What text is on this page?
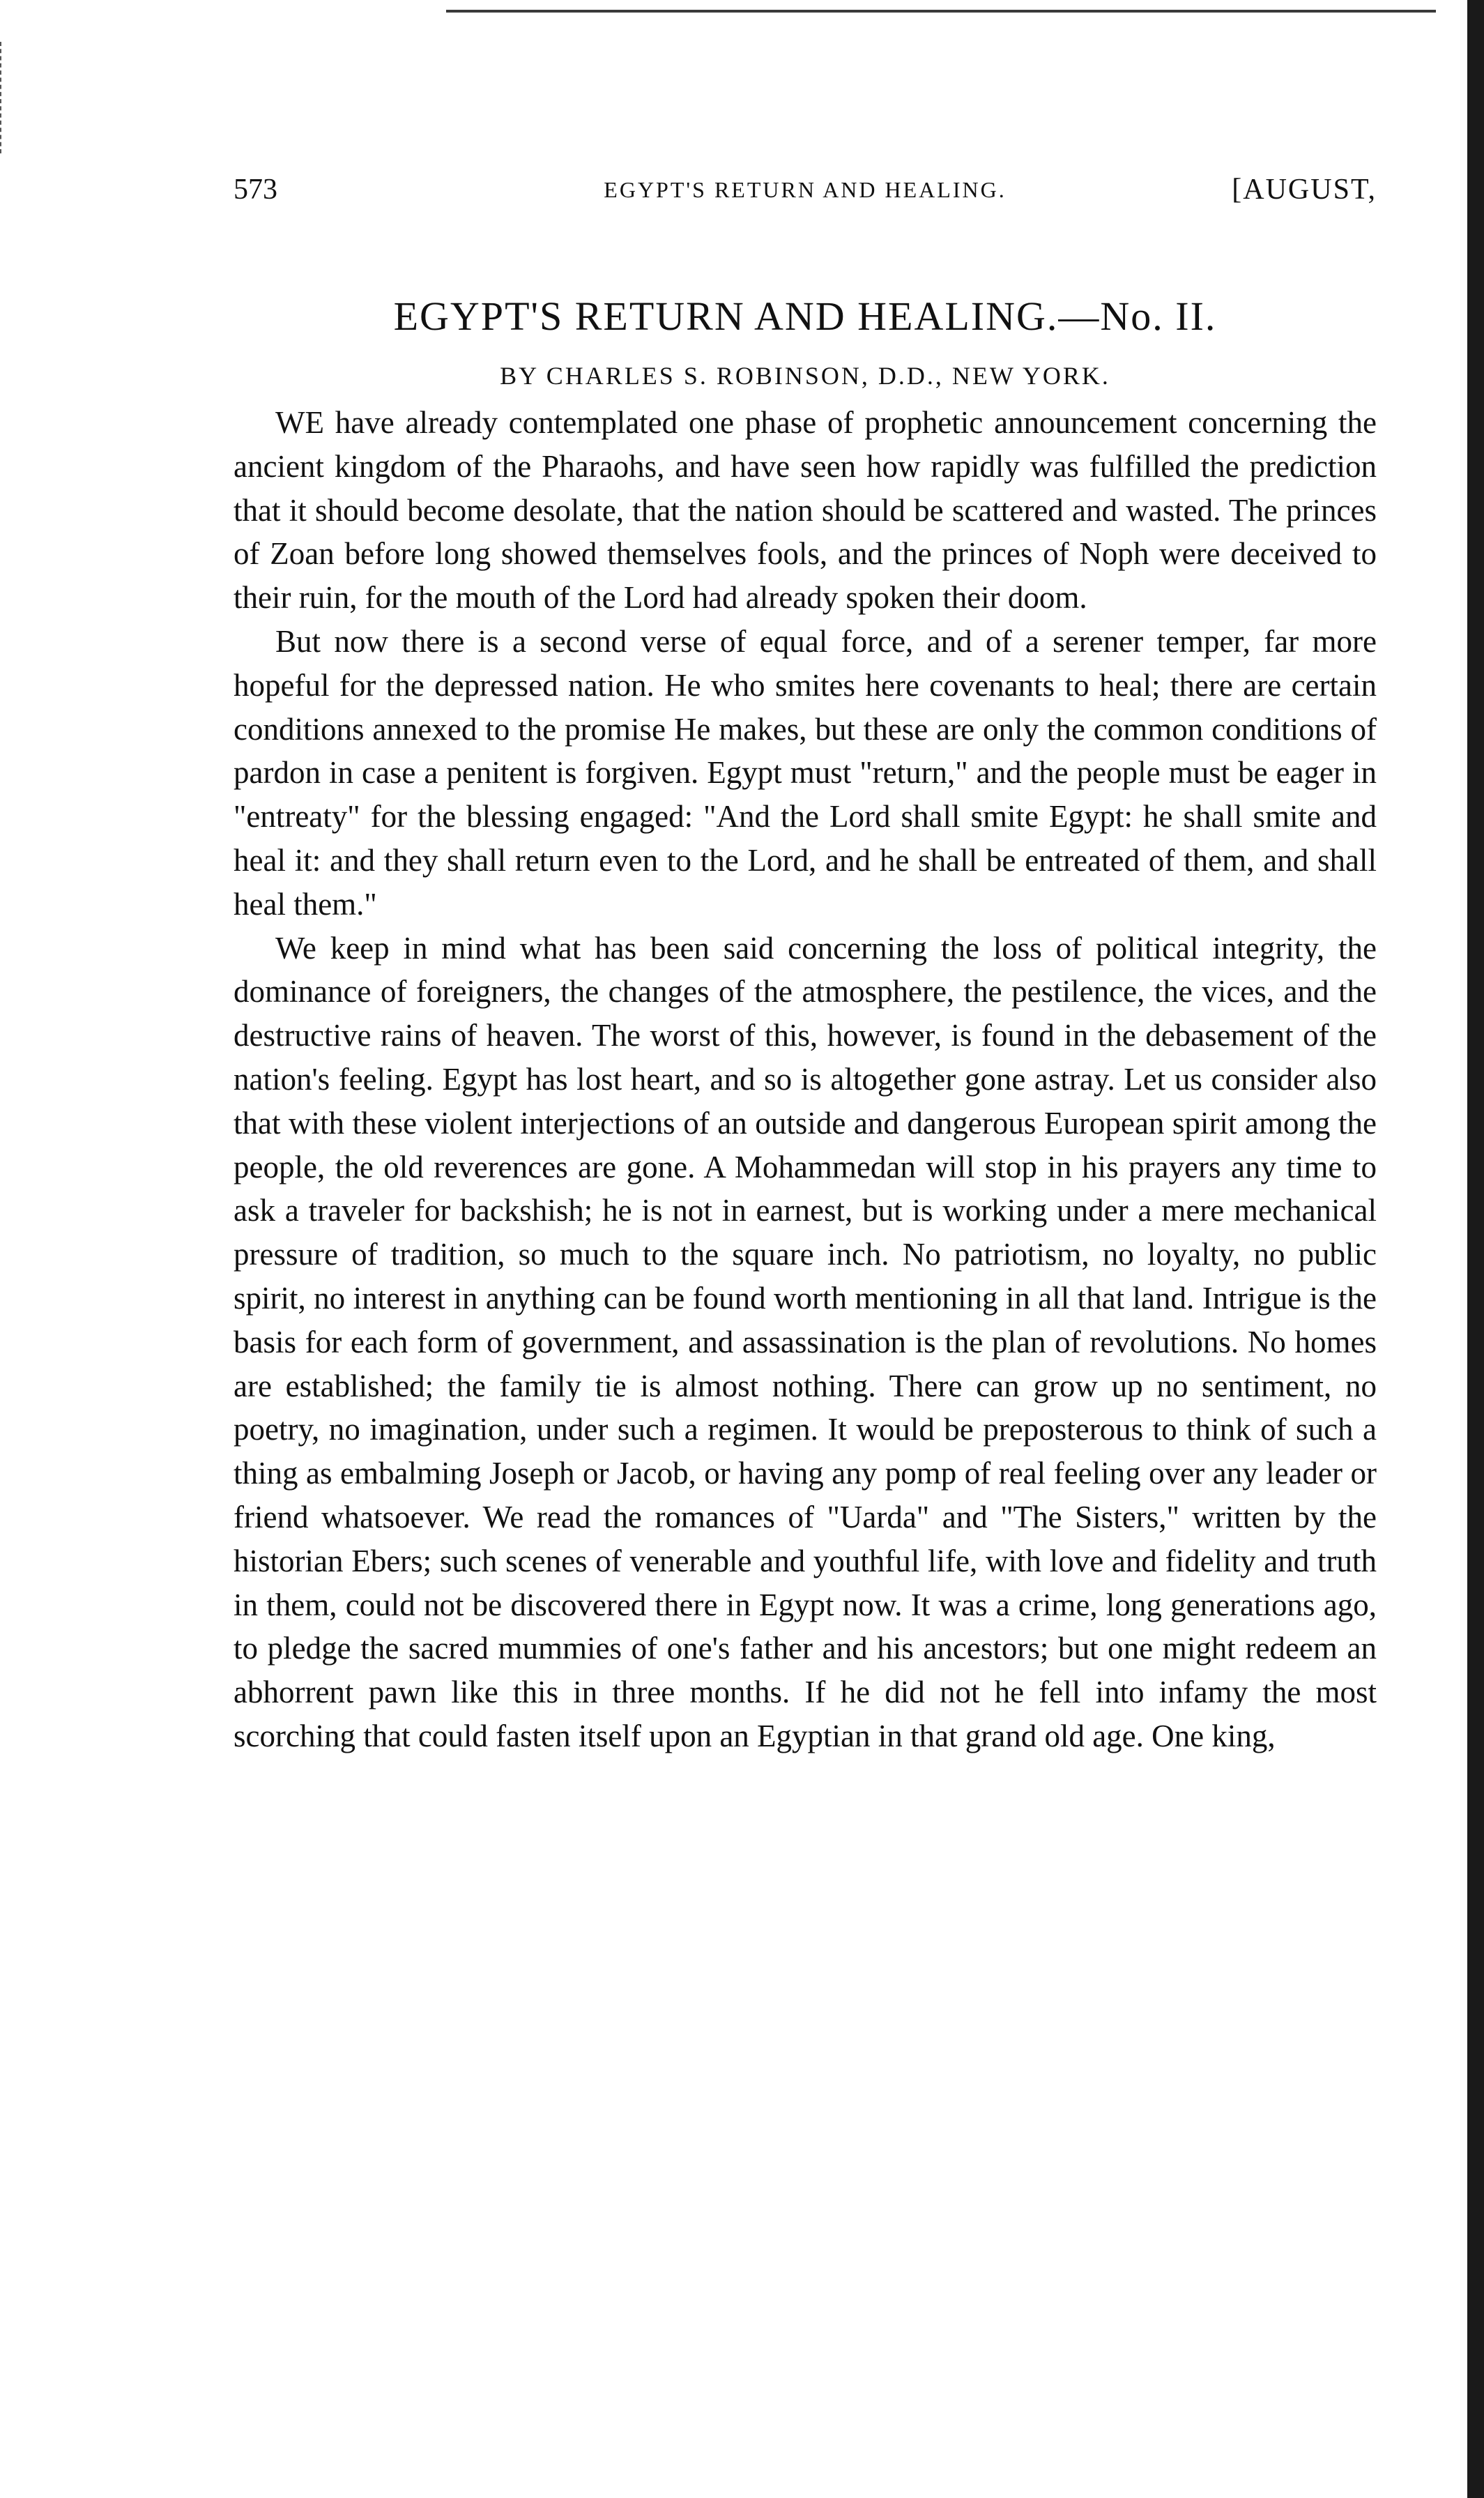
573	EGYPT'S RETURN AND HEALING.	[AUGUST,
EGYPT'S RETURN AND HEALING.—No. II.
BY CHARLES S. ROBINSON, D.D., NEW YORK.

WE have already contemplated one phase of prophetic announcement concerning the ancient kingdom of the Pharaohs, and have seen how rapidly was fulfilled the prediction that it should become desolate, that the nation should be scattered and wasted. The princes of Zoan before long showed themselves fools, and the princes of Noph were deceived to their ruin, for the mouth of the Lord had already spoken their doom.

But now there is a second verse of equal force, and of a serener temper, far more hopeful for the depressed nation. He who smites here covenants to heal; there are certain conditions annexed to the promise He makes, but these are only the common conditions of pardon in case a penitent is forgiven. Egypt must "return," and the people must be eager in "entreaty" for the blessing engaged: "And the Lord shall smite Egypt: he shall smite and heal it: and they shall return even to the Lord, and he shall be entreated of them, and shall heal them."

We keep in mind what has been said concerning the loss of political integrity, the dominance of foreigners, the changes of the atmosphere, the pestilence, the vices, and the destructive rains of heaven. The worst of this, however, is found in the debasement of the nation's feeling. Egypt has lost heart, and so is altogether gone astray. Let us consider also that with these violent interjections of an outside and dangerous European spirit among the people, the old reverences are gone. A Mohammedan will stop in his prayers any time to ask a traveler for backshish; he is not in earnest, but is working under a mere mechanical pressure of tradition, so much to the square inch. No patriotism, no loyalty, no public spirit, no interest in anything can be found worth mentioning in all that land. Intrigue is the basis for each form of government, and assassination is the plan of revolutions. No homes are established; the family tie is almost nothing. There can grow up no sentiment, no poetry, no imagination, under such a regimen. It would be preposterous to think of such a thing as embalming Joseph or Jacob, or having any pomp of real feeling over any leader or friend whatsoever. We read the romances of "Uarda" and "The Sisters," written by the historian Ebers; such scenes of venerable and youthful life, with love and fidelity and truth in them, could not be discovered there in Egypt now. It was a crime, long generations ago, to pledge the sacred mummies of one's father and his ancestors; but one might redeem an abhorrent pawn like this in three months. If he did not he fell into infamy the most scorching that could fasten itself upon an Egyptian in that grand old age. One king,
